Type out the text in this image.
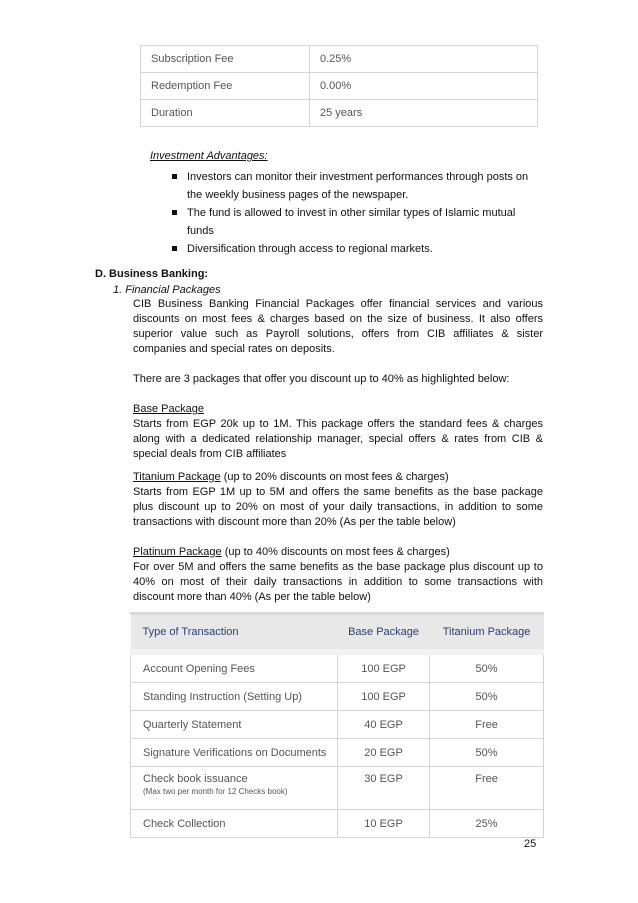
Subscription Fee	0.25%
Redemption Fee	0.00%
Duration	25 years
Investment Advantages:
Investors can monitor their investment performances through posts on the weekly business pages of the newspaper.
The fund is allowed to invest in other similar types of Islamic mutual funds
Diversification through access to regional markets.
D. Business Banking:
1. Financial Packages
CIB Business Banking Financial Packages offer financial services and various discounts on most fees & charges based on the size of business. It also offers superior value such as Payroll solutions, offers from CIB affiliates & sister companies and special rates on deposits.
There are 3 packages that offer you discount up to 40% as highlighted below:
Base Package
Starts from EGP 20k up to 1M. This package offers the standard fees & charges along with a dedicated relationship manager, special offers & rates from CIB & special deals from CIB affiliates
Titanium Package (up to 20% discounts on most fees & charges)
Starts from EGP 1M up to 5M and offers the same benefits as the base package plus discount up to 20% on most of your daily transactions, in addition to some transactions with discount more than 20% (As per the table below)
Platinum Package (up to 40% discounts on most fees & charges)
For over 5M and offers the same benefits as the base package plus discount up to 40% on most of their daily transactions in addition to some transactions with discount more than 40% (As per the table below)
Type of Transaction	Base Package	Titanium Package
Account Opening Fees	100 EGP	50%
Standing Instruction (Setting Up)	100 EGP	50%
Quarterly Statement	40 EGP	Free
Signature Verifications on Documents	20 EGP	50%
Check book issuance
(Max two per month for 12 Checks book)	30 EGP	Free
Check Collection	10 EGP	25%
25
